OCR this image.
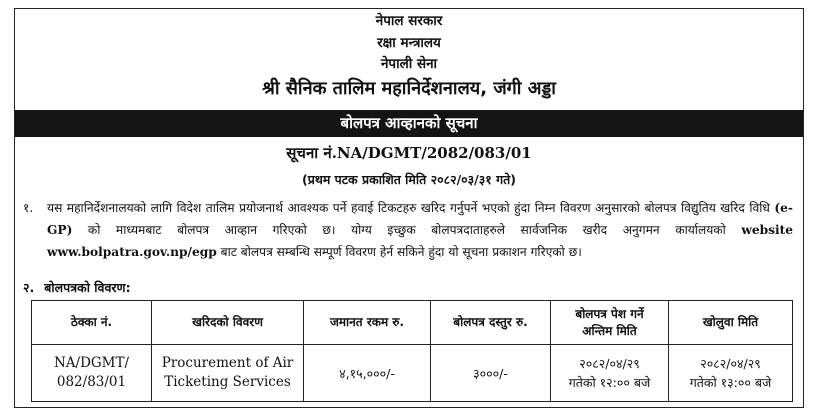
नेपाल सरकार
रक्षा मन्त्रालय
नेपाली सेना
श्री सैनिक तालिम महानिर्देशनालय, जंगी अड्डा
बोलपत्र आव्हानको सूचना
सूचना नं.NA/DGMT/2082/083/01
(प्रथम पटक प्रकाशित मिति २०८२/०३/३१ गते)
१. यस महानिर्देशनालयको लागि विदेश तालिम प्रयोजनार्थ आवश्यक पर्ने हवाई टिकटहरु खरिद गर्नुपर्ने भएको हुंदा निम्न विवरण अनुसारको बोलपत्र विद्युतिय खरिद विधि (e-GP) को माध्यमबाट बोलपत्र आव्हान गरिएको छ। योग्य इच्छुक बोलपत्रदाताहरुले सार्वजनिक खरीद अनुगमन कार्यालयको website www.bolpatra.gov.np/egp बाट बोलपत्र सम्बन्धि सम्पूर्ण विवरण हेर्न सकिने हुंदा यो सूचना प्रकाशन गरिएको छ।
२. बोलपत्रको विवरण:
ठेक्का नं.	खरिदको विवरण	जमानत रकम रु.	बोलपत्र दस्तुर रु.	बोलपत्र पेश गर्ने
अन्तिम मिति	खोलुवा मिति
NA/DGMT/
082/83/01	Procurement of Air
Ticketing Services	४,१५,०००/-	३०००/-	२०८२/०४/२९
गतेको १२:०० बजे	२०८२/०४/२९
गतेको १३:०० बजे
